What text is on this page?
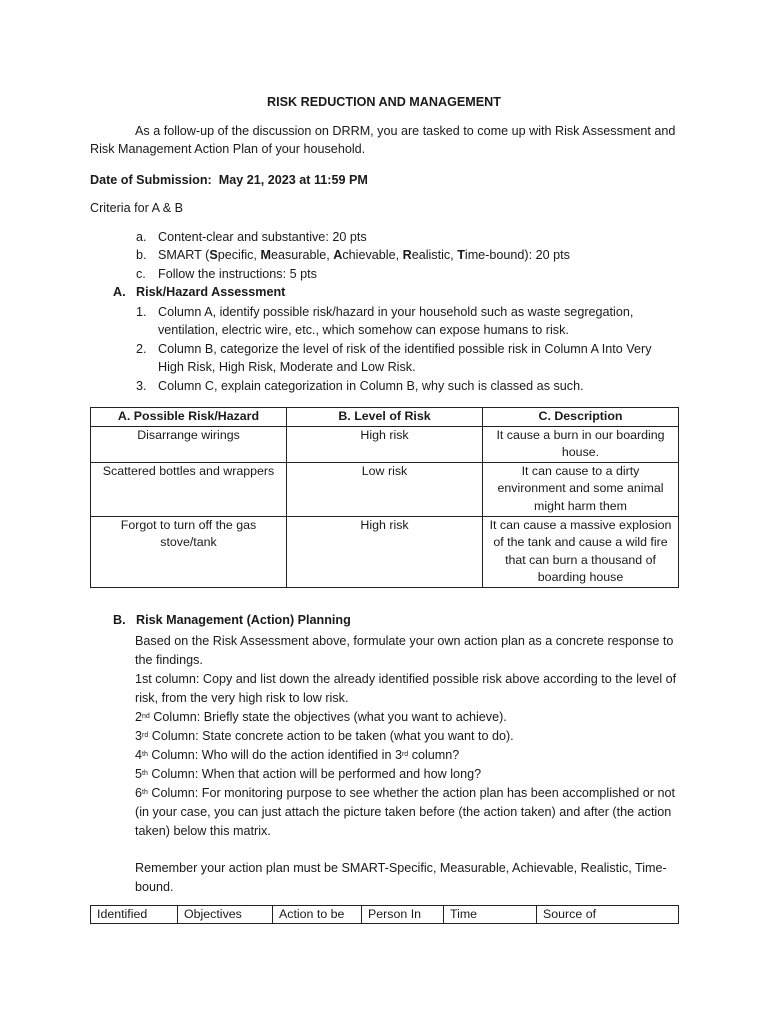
RISK REDUCTION AND MANAGEMENT
As a follow-up of the discussion on DRRM, you are tasked to come up with Risk Assessment and Risk Management Action Plan of your household.
Date of Submission: May 21, 2023 at 11:59 PM
Criteria for A & B
a. Content-clear and substantive: 20 pts
b. SMART (Specific, Measurable, Achievable, Realistic, Time-bound): 20 pts
c. Follow the instructions: 5 pts
A. Risk/Hazard Assessment
1. Column A, identify possible risk/hazard in your household such as waste segregation, ventilation, electric wire, etc., which somehow can expose humans to risk.
2. Column B, categorize the level of risk of the identified possible risk in Column A Into Very High Risk, High Risk, Moderate and Low Risk.
3. Column C, explain categorization in Column B, why such is classed as such.
A. Possible Risk/Hazard	B. Level of Risk	C. Description
Disarrange wirings	High risk	It cause a burn in our boarding house.
Scattered bottles and wrappers	Low risk	It can cause to a dirty environment and some animal might harm them
Forgot to turn off the gas stove/tank	High risk	It can cause a massive explosion of the tank and cause a wild fire that can burn a thousand of boarding house
B. Risk Management (Action) Planning

Based on the Risk Assessment above, formulate your own action plan as a concrete response to the findings.

1st column: Copy and list down the already identified possible risk above according to the level of risk, from the very high risk to low risk.

2nd Column: Briefly state the objectives (what you want to achieve).

3rd Column: State concrete action to be taken (what you want to do).

4th Column: Who will do the action identified in 3rd column?

5th Column: When that action will be performed and how long?

6th Column: For monitoring purpose to see whether the action plan has been accomplished or not (in your case, you can just attach the picture taken before (the action taken) and after (the action taken) below this matrix.

Remember your action plan must be SMART-Specific, Measurable, Achievable, Realistic, Time-bound.

Identified	Objectives	Action to be	Person In	Time	Source of
